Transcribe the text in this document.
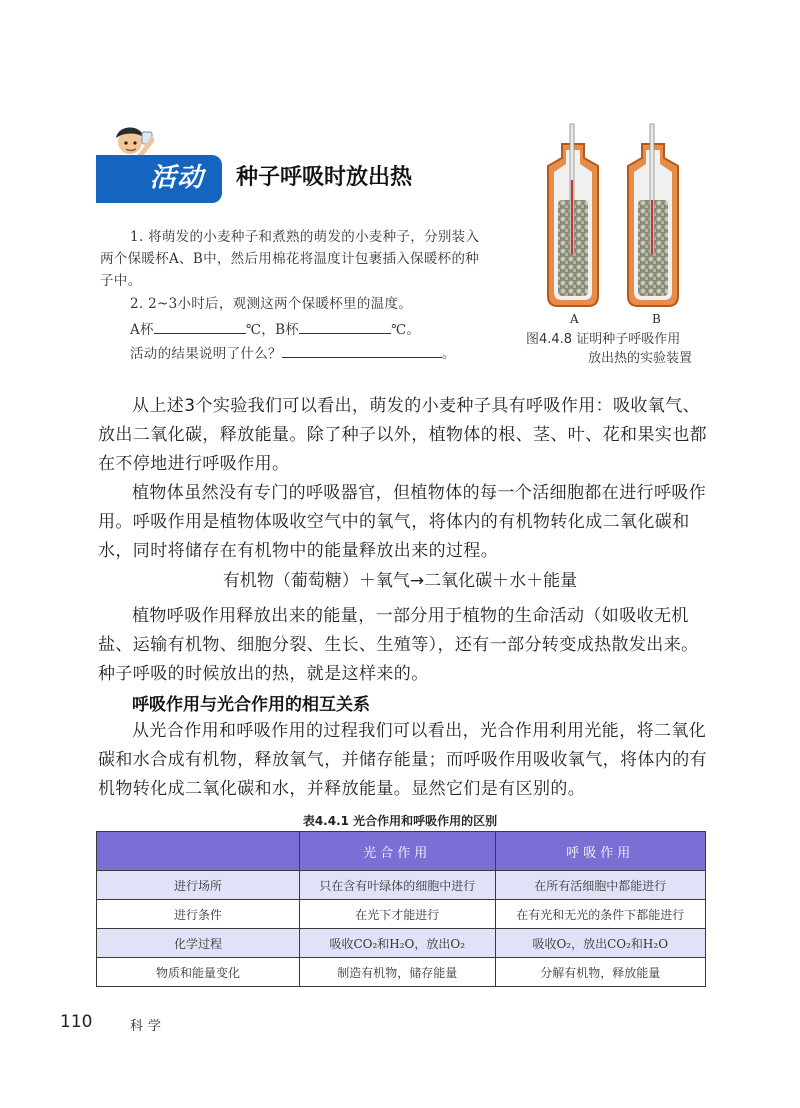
活动	种子呼吸时放出热
1. 将萌发的小麦种子和煮熟的萌发的小麦种子，分别装入
两个保暖杯A、B中，然后用棉花将温度计包裹插入保暖杯的种
子中。
2. 2~3小时后，观测这两个保暖杯里的温度。
A杯	℃，B杯	℃。
活动的结果说明了什么？	。
A	B
图4.4.8 证明种子呼吸作用
放出热的实验装置
从上述3个实验我们可以看出，萌发的小麦种子具有呼吸作用：吸收氧气、放出二氧化碳，释放能量。除了种子以外，植物体的根、茎、叶、花和果实也都在不停地进行呼吸作用。
植物体虽然没有专门的呼吸器官，但植物体的每一个活细胞都在进行呼吸作用。呼吸作用是植物体吸收空气中的氧气，将体内的有机物转化成二氧化碳和水，同时将储存在有机物中的能量释放出来的过程。
有机物（葡萄糖）＋氧气→二氧化碳＋水＋能量
植物呼吸作用释放出来的能量，一部分用于植物的生命活动（如吸收无机盐、运输有机物、细胞分裂、生长、生殖等），还有一部分转变成热散发出来。种子呼吸的时候放出的热，就是这样来的。
呼吸作用与光合作用的相互关系
从光合作用和呼吸作用的过程我们可以看出，光合作用利用光能，将二氧化碳和水合成有机物，释放氧气，并储存能量；而呼吸作用吸收氧气，将体内的有机物转化成二氧化碳和水，并释放能量。显然它们是有区别的。
表4.4.1 光合作用和呼吸作用的区别
	光合作用	呼吸作用
进行场所	只在含有叶绿体的细胞中进行	在所有活细胞中都能进行
进行条件	在光下才能进行	在有光和无光的条件下都能进行
化学过程	吸收CO₂和H₂O，放出O₂	吸收O₂，放出CO₂和H₂O
物质和能量变化	制造有机物，储存能量	分解有机物，释放能量
110	科学
